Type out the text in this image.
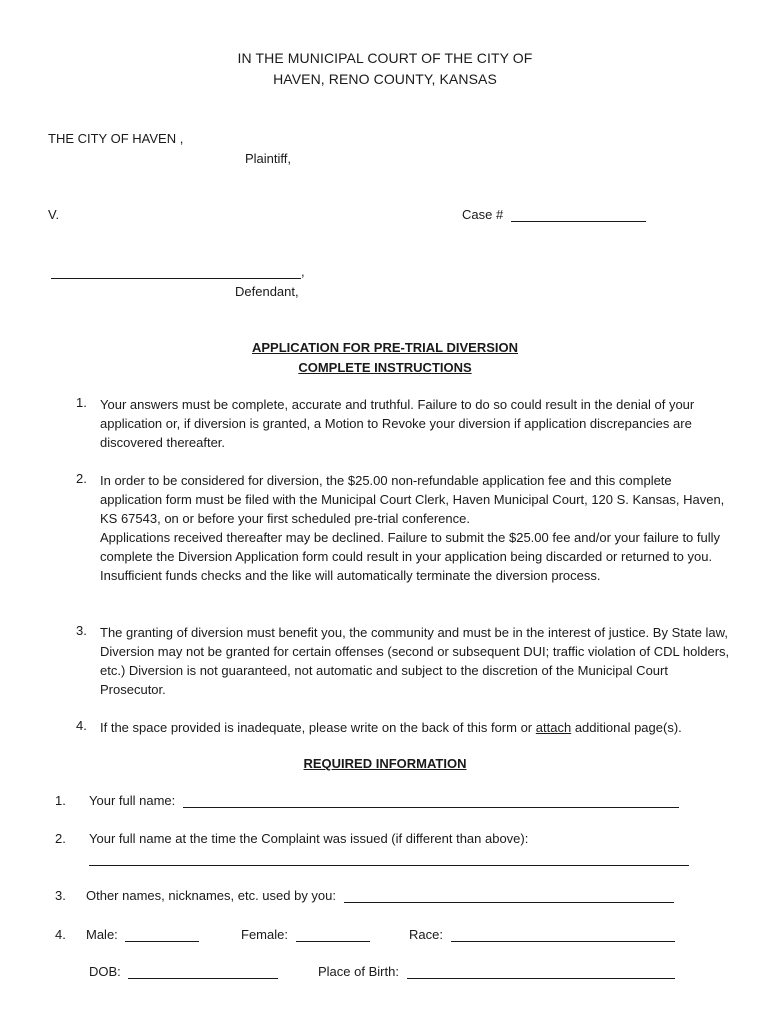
IN THE MUNICIPAL COURT OF THE CITY OF
HAVEN, RENO COUNTY, KANSAS
THE CITY OF HAVEN ,
Plaintiff,
V.	Case #
,
Defendant,
APPLICATION FOR PRE-TRIAL DIVERSION
COMPLETE INSTRUCTIONS
1. Your answers must be complete, accurate and truthful. Failure to do so could result in the denial of your application or, if diversion is granted, a Motion to Revoke your diversion if application discrepancies are discovered thereafter.
2. In order to be considered for diversion, the $25.00 non-refundable application fee and this complete application form must be filed with the Municipal Court Clerk, Haven Municipal Court, 120 S. Kansas, Haven, KS 67543, on or before your first scheduled pre-trial conference.
Applications received thereafter may be declined. Failure to submit the $25.00 fee and/or your failure to fully complete the Diversion Application form could result in your application being discarded or returned to you. Insufficient funds checks and the like will automatically terminate the diversion process.
3. The granting of diversion must benefit you, the community and must be in the interest of justice. By State law, Diversion may not be granted for certain offenses (second or subsequent DUI; traffic violation of CDL holders, etc.) Diversion is not guaranteed, not automatic and subject to the discretion of the Municipal Court Prosecutor.
4. If the space provided is inadequate, please write on the back of this form or attach additional page(s).
REQUIRED INFORMATION
1. Your full name:
2. Your full name at the time the Complaint was issued (if different than above):
3. Other names, nicknames, etc. used by you:
4. Male:	Female:	Race:
DOB:	Place of Birth:
